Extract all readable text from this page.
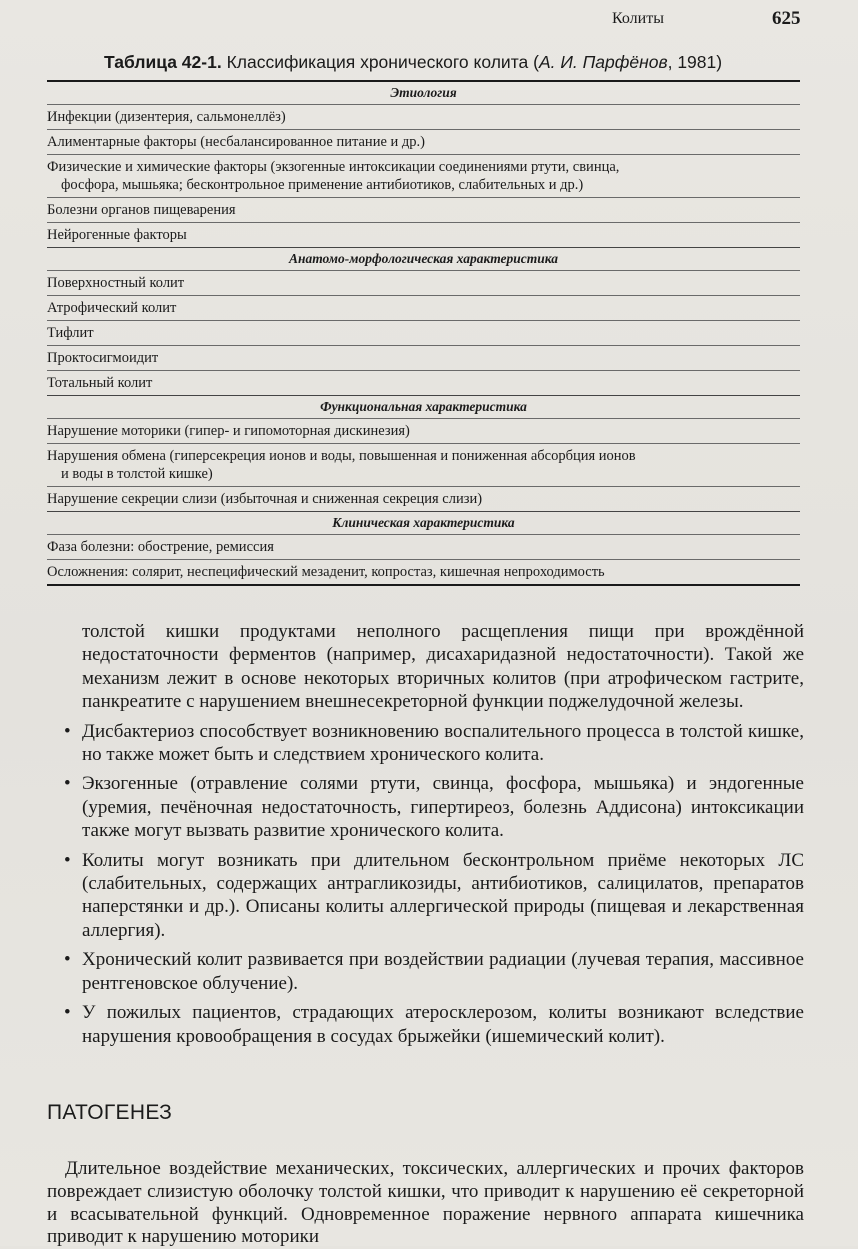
Колиты	625
Таблица 42-1. Классификация хронического колита (А. И. Парфёнов, 1981)
Этиология
Инфекции (дизентерия, сальмонеллёз)
Алиментарные факторы (несбалансированное питание и др.)
Физические и химические факторы (экзогенные интоксикации соединениями ртути, свинца,
фосфора, мышьяка; бесконтрольное применение антибиотиков, слабительных и др.)
Болезни органов пищеварения
Нейрогенные факторы
Анатомо-морфологическая характеристика
Поверхностный колит
Атрофический колит
Тифлит
Проктосигмоидит
Тотальный колит
Функциональная характеристика
Нарушение моторики (гипер- и гипомоторная дискинезия)
Нарушения обмена (гиперсекреция ионов и воды, повышенная и пониженная абсорбция ионов
и воды в толстой кишке)
Нарушение секреции слизи (избыточная и сниженная секреция слизи)
Клиническая характеристика
Фаза болезни: обострение, ремиссия
Осложнения: солярит, неспецифический мезаденит, копростаз, кишечная непроходимость

толстой кишки продуктами неполного расщепления пищи при врождённой недостаточности ферментов (например, дисахаридазной недостаточности). Такой же механизм лежит в основе некоторых вторичных колитов (при атрофическом гастрите, панкреатите с нарушением внешнесекреторной функции поджелудочной железы.

• Дисбактериоз способствует возникновению воспалительного процесса в толстой кишке, но также может быть и следствием хронического колита.

• Экзогенные (отравление солями ртути, свинца, фосфора, мышьяка) и эндогенные (уремия, печёночная недостаточность, гипертиреоз, болезнь Аддисона) интоксикации также могут вызвать развитие хронического колита.

• Колиты могут возникать при длительном бесконтрольном приёме некоторых ЛС (слабительных, содержащих антрагликозиды, антибиотиков, салицилатов, препаратов наперстянки и др.). Описаны колиты аллергической природы (пищевая и лекарственная аллергия).

• Хронический колит развивается при воздействии радиации (лучевая терапия, массивное рентгеновское облучение).

• У пожилых пациентов, страдающих атеросклерозом, колиты возникают вследствие нарушения кровообращения в сосудах брыжейки (ишемический колит).

ПАТОГЕНЕЗ

Длительное воздействие механических, токсических, аллергических и прочих факторов повреждает слизистую оболочку толстой кишки, что приводит к нарушению её секреторной и всасывательной функций. Одновременное поражение нервного аппарата кишечника приводит к нарушению моторики
